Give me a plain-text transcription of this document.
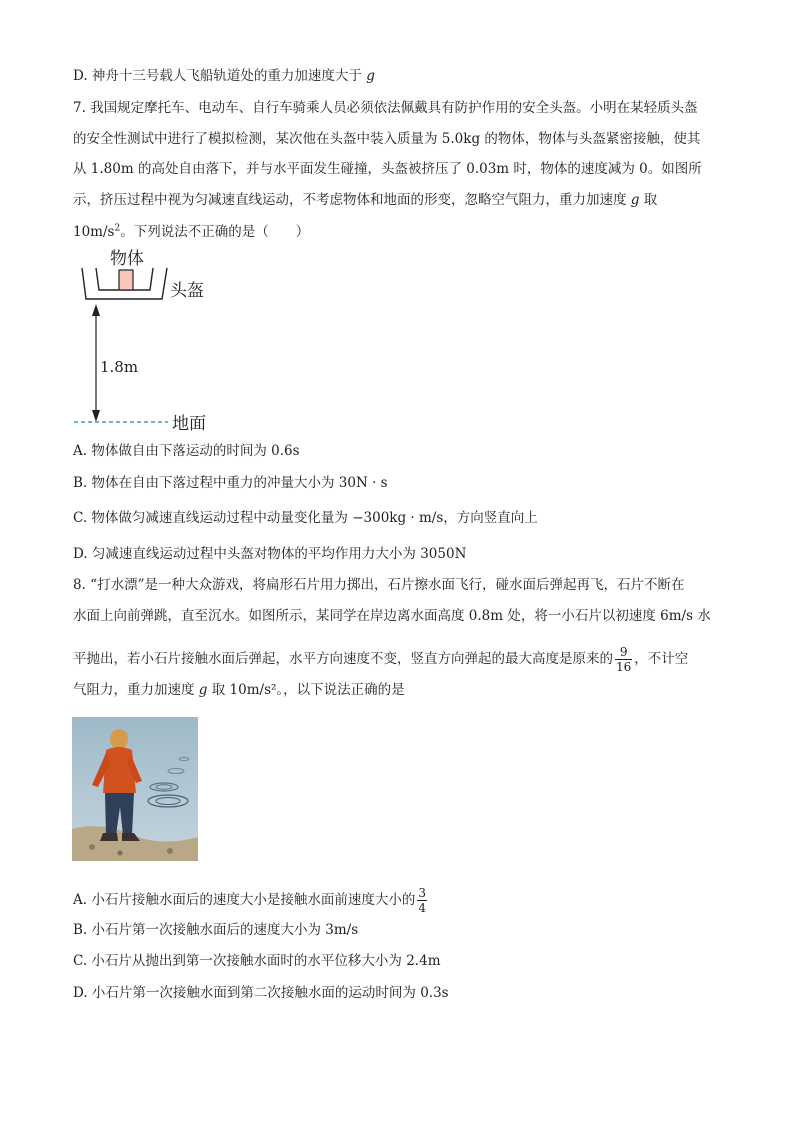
D. 神舟十三号载人飞船轨道处的重力加速度大于 g
7. 我国规定摩托车、电动车、自行车骑乘人员必须依法佩戴具有防护作用的安全头盔。小明在某轻质头盔
的安全性测试中进行了模拟检测，某次他在头盔中装入质量为 5.0kg 的物体，物体与头盔紧密接触，使其
从 1.80m 的高处自由落下，并与水平面发生碰撞，头盔被挤压了 0.03m 时，物体的速度减为 0。如图所
示，挤压过程中视为匀减速直线运动，不考虑物体和地面的形变，忽略空气阻力，重力加速度 g 取
$10m/s^2$。下列说法不正确的是（　　）
物体
头盔
1.8m
地面
A. 物体做自由下落运动的时间为 0.6s
B. 物体在自由下落过程中重力的冲量大小为 30N · s
C. 物体做匀减速直线运动过程中动量变化量为 −300kg · m/s，方向竖直向上
D. 匀减速直线运动过程中头盔对物体的平均作用力大小为 3050N
8. “打水漂”是一种大众游戏，将扁形石片用力掷出，石片擦水面飞行，碰水面后弹起再飞，石片不断在
水面上向前弹跳，直至沉水。如图所示，某同学在岸边离水面高度 0.8m 处，将一小石片以初速度 6m/s 水
平抛出，若小石片接触水面后弹起，水平方向速度不变，竖直方向弹起的最大高度是原来的 $\frac{9}{16}$ ，不计空
气阻力，重力加速度 g 取 10m/s²。，以下说法正确的是
A. 小石片接触水面后的速度大小是接触水面前速度大小的 $\frac{3}{4}$
B. 小石片第一次接触水面后的速度大小为 3m/s
C. 小石片从抛出到第一次接触水面时的水平位移大小为 2.4m
D. 小石片第一次接触水面到第二次接触水面的运动时间为 0.3s
